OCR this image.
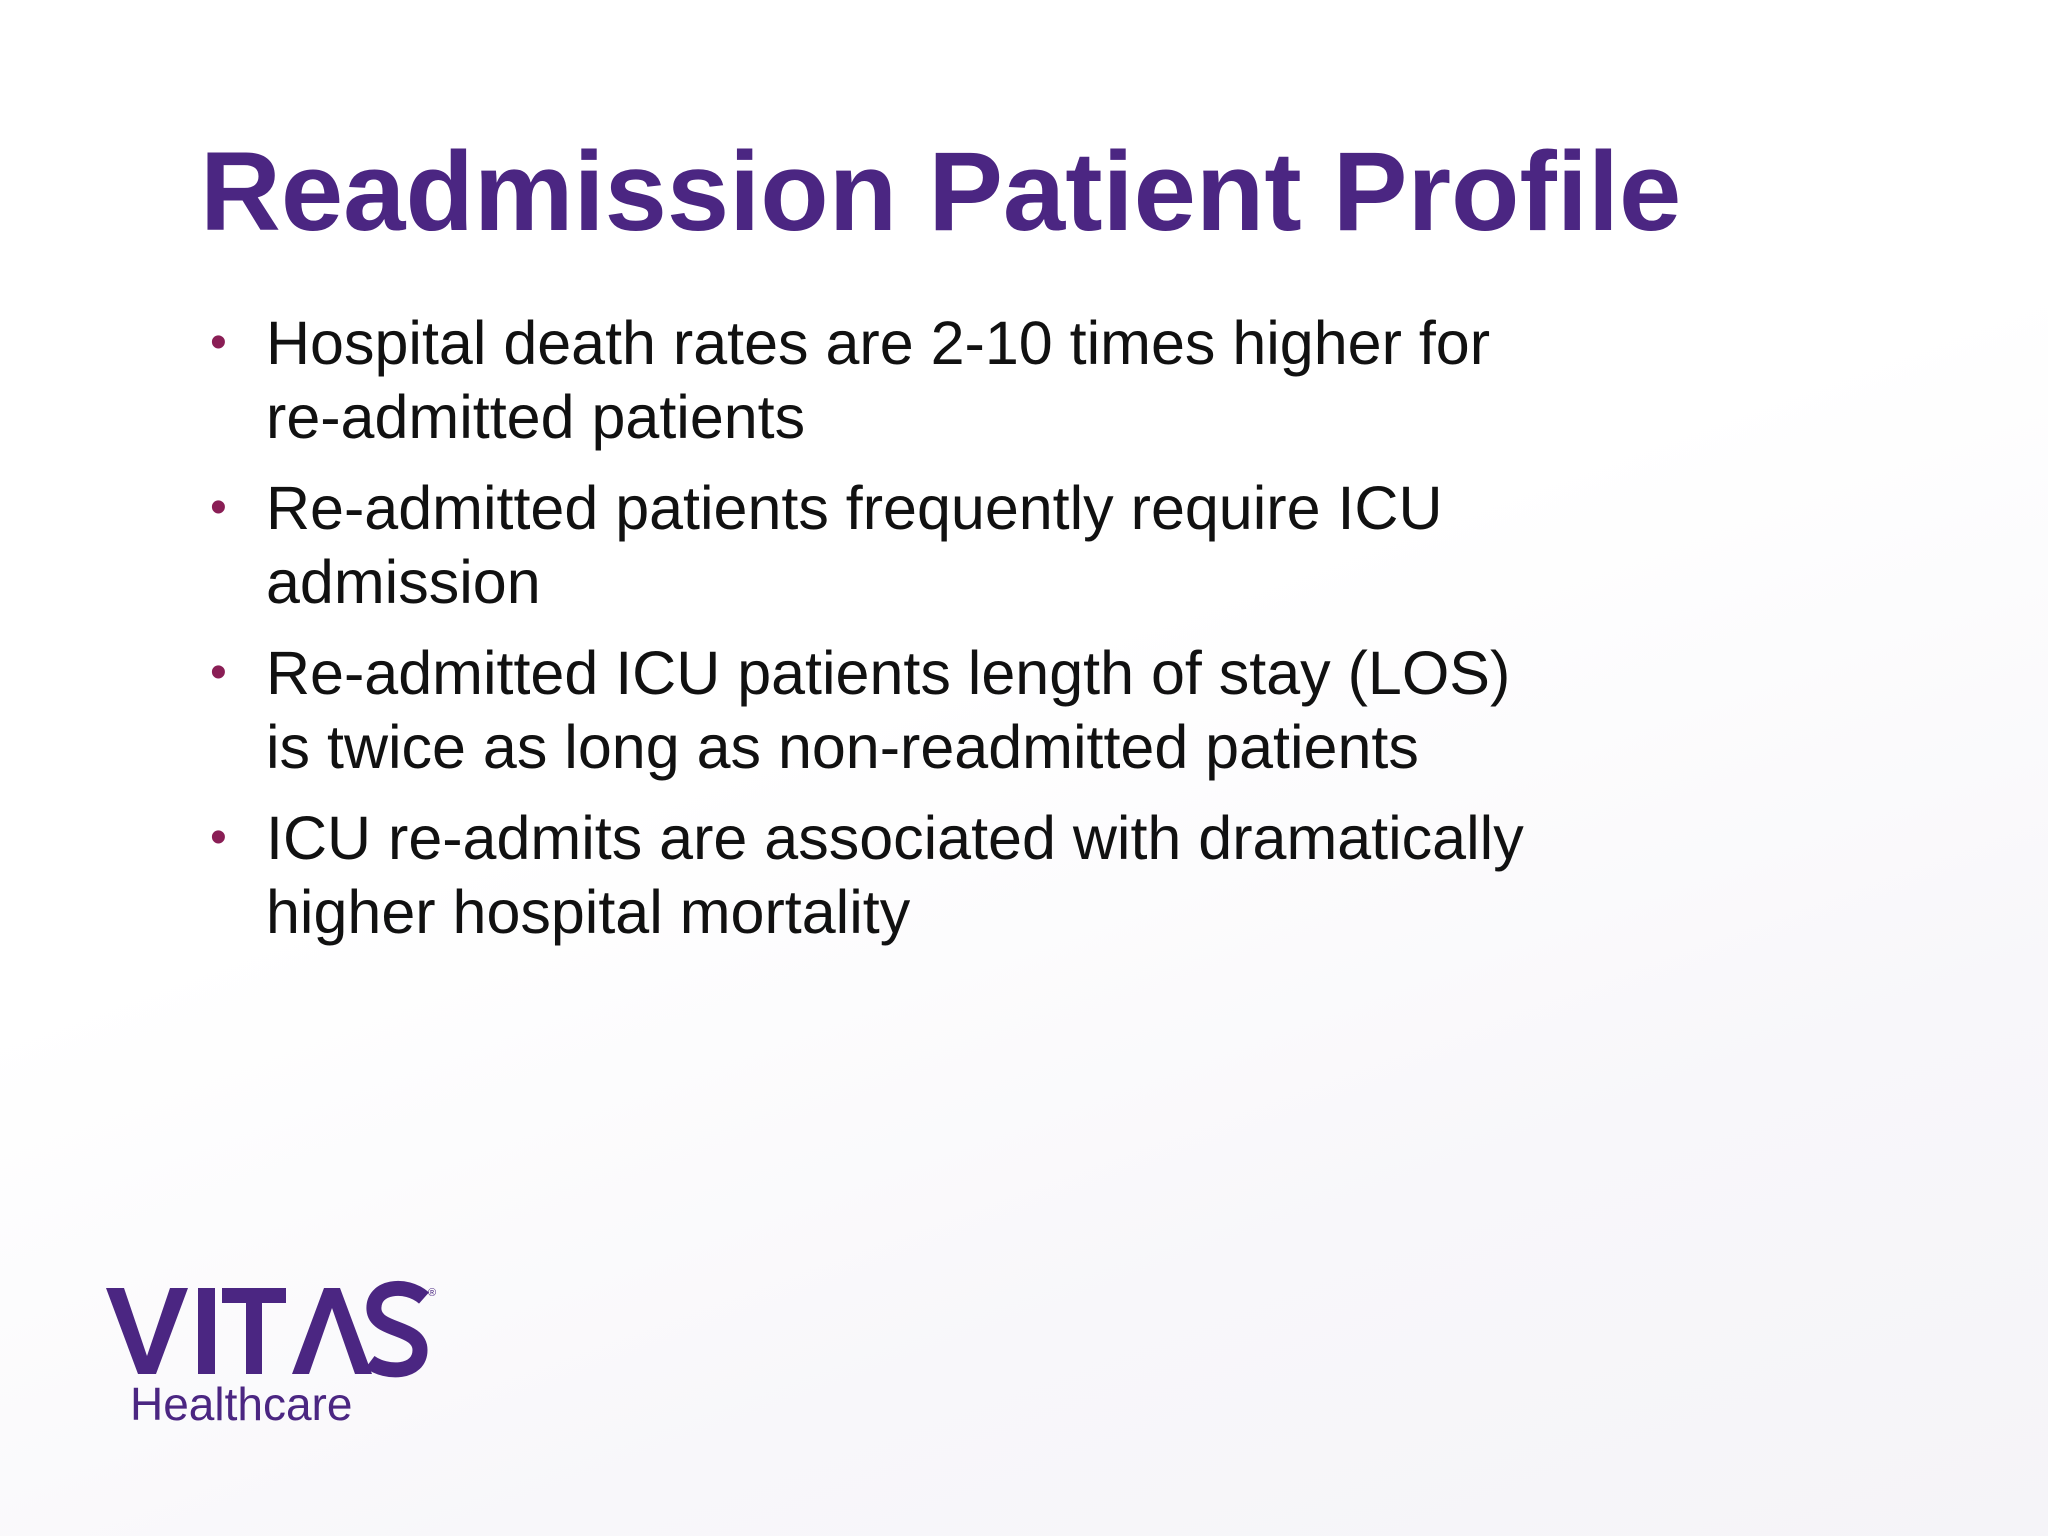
Readmission Patient Profile
• Hospital death rates are 2-10 times higher for
re-admitted patients
• Re-admitted patients frequently require ICU
admission
• Re-admitted ICU patients length of stay (LOS)
is twice as long as non-readmitted patients
• ICU re-admits are associated with dramatically
higher hospital mortality
®
Healthcare
